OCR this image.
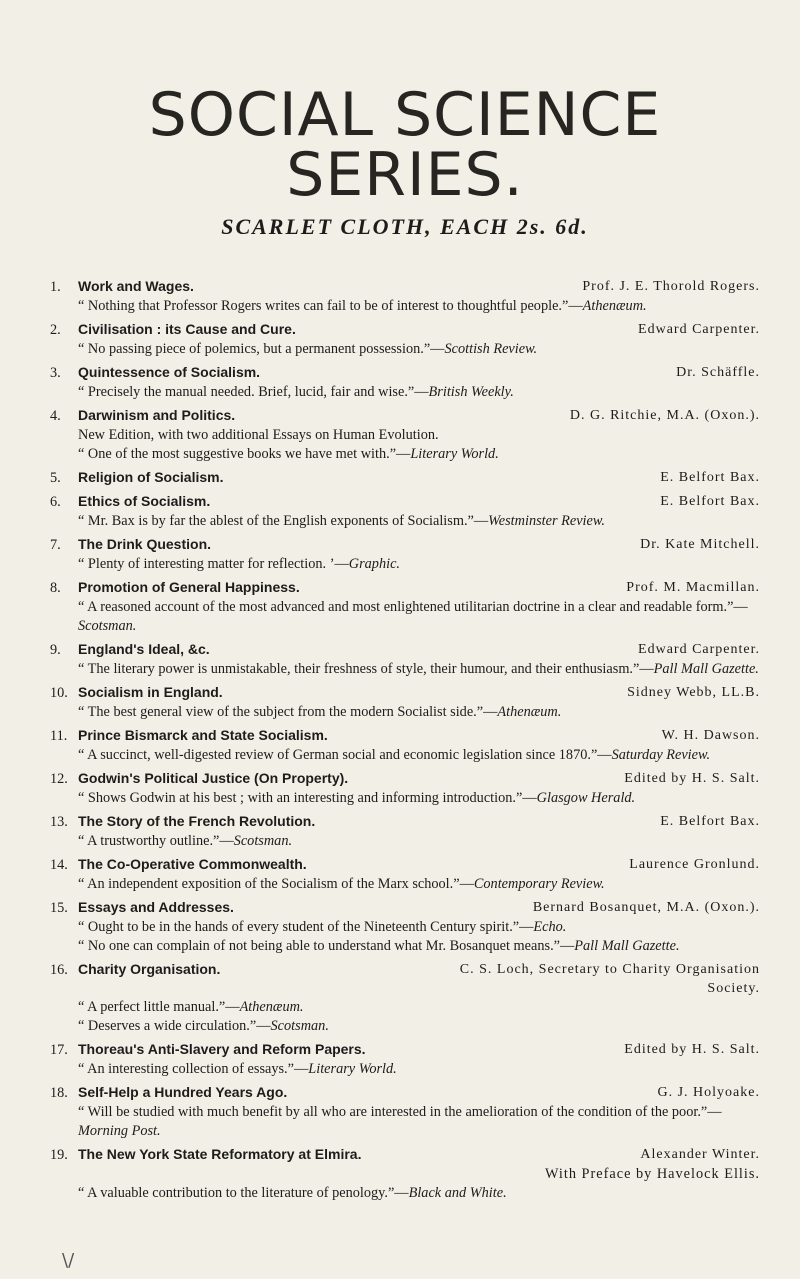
SOCIAL SCIENCE SERIES.
SCARLET CLOTH, EACH 2s. 6d.
1. Work and Wages.	Prof. J. E. Thorold Rogers.
“ Nothing that Professor Rogers writes can fail to be of interest to thoughtful people.”—Athenæum.
2. Civilisation : its Cause and Cure.	Edward Carpenter.
“ No passing piece of polemics, but a permanent possession.”—Scottish Review.
3. Quintessence of Socialism.	Dr. Schäffle.
“ Precisely the manual needed. Brief, lucid, fair and wise.”—British Weekly.
4. Darwinism and Politics.	D. G. Ritchie, M.A. (Oxon.).
New Edition, with two additional Essays on Human Evolution.
“ One of the most suggestive books we have met with.”—Literary World.
5. Religion of Socialism.	E. Belfort Bax.
6. Ethics of Socialism.	E. Belfort Bax.
“ Mr. Bax is by far the ablest of the English exponents of Socialism.”—Westminster Review.
7. The Drink Question.	Dr. Kate Mitchell.
“ Plenty of interesting matter for reflection. ’—Graphic.
8. Promotion of General Happiness.	Prof. M. Macmillan.
“ A reasoned account of the most advanced and most enlightened utilitarian doctrine in a clear and readable form.”—Scotsman.
9. England's Ideal, &c.	Edward Carpenter.
“ The literary power is unmistakable, their freshness of style, their humour, and their enthusiasm.”—Pall Mall Gazette.
10. Socialism in England.	Sidney Webb, LL.B.
“ The best general view of the subject from the modern Socialist side.”—Athenæum.
11. Prince Bismarck and State Socialism.	W. H. Dawson.
“ A succinct, well-digested review of German social and economic legislation since 1870.”—Saturday Review.
12. Godwin's Political Justice (On Property).	Edited by H. S. Salt.
“ Shows Godwin at his best ; with an interesting and informing introduction.”—Glasgow Herald.
13. The Story of the French Revolution.	E. Belfort Bax.
“ A trustworthy outline.”—Scotsman.
14. The Co-Operative Commonwealth.	Laurence Gronlund.
“ An independent exposition of the Socialism of the Marx school.”—Contemporary Review.
15. Essays and Addresses.	Bernard Bosanquet, M.A. (Oxon.).
“ Ought to be in the hands of every student of the Nineteenth Century spirit.”—Echo.
“ No one can complain of not being able to understand what Mr. Bosanquet means.”—Pall Mall Gazette.
16. Charity Organisation.	C. S. Loch, Secretary to Charity Organisation
Society.
“ A perfect little manual.”—Athenæum.
“ Deserves a wide circulation.”—Scotsman.
17. Thoreau's Anti-Slavery and Reform Papers.	Edited by H. S. Salt.
“ An interesting collection of essays.”—Literary World.
18. Self-Help a Hundred Years Ago.	G. J. Holyoake.
“ Will be studied with much benefit by all who are interested in the amelioration of the condition of the poor.”—Morning Post.
19. The New York State Reformatory at Elmira.	Alexander Winter.
With Preface by Havelock Ellis.
“ A valuable contribution to the literature of penology.”—Black and White.
\/
